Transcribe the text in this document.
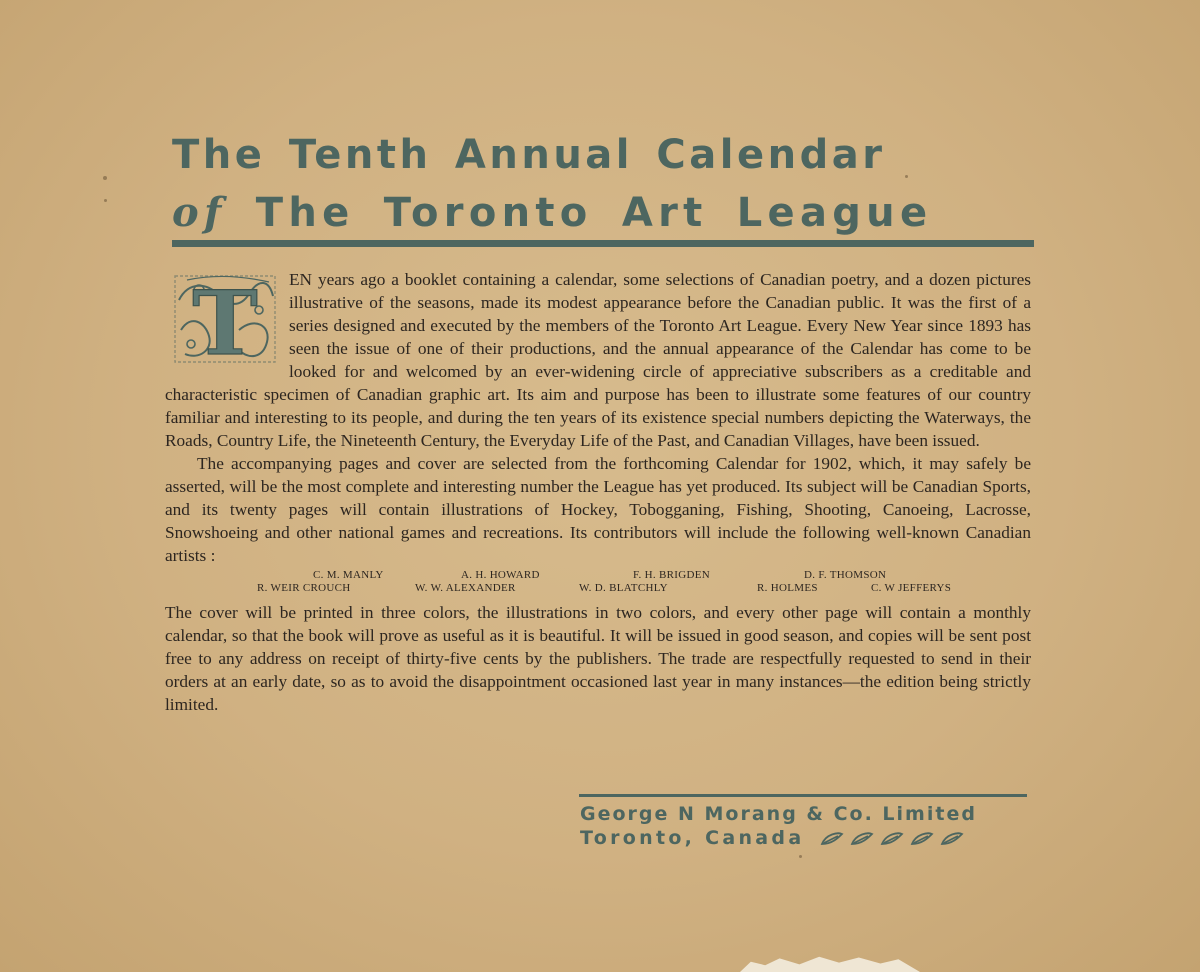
The Tenth Annual Calendar
of The Toronto Art League

T EN years ago a booklet containing a calendar, some selections of Canadian poetry, and a dozen pictures illustrative of the seasons, made its modest appearance before the Canadian public. It was the first of a series designed and executed by the members of the Toronto Art League. Every New Year since 1893 has seen the issue of one of their productions, and the annual appearance of the Calendar has come to be looked for and welcomed by an ever-widening circle of appreciative subscribers as a creditable and characteristic specimen of Canadian graphic art. Its aim and purpose has been to illustrate some features of our country familiar and interesting to its people, and during the ten years of its existence special numbers depicting the Waterways, the Roads, Country Life, the Nineteenth Century, the Everyday Life of the Past, and Canadian Villages, have been issued.

The accompanying pages and cover are selected from the forthcoming Calendar for 1902, which, it may safely be asserted, will be the most complete and interesting number the League has yet produced. Its subject will be Canadian Sports, and its twenty pages will contain illustrations of Hockey, Tobogganing, Fishing, Shooting, Canoeing, Lacrosse, Snowshoeing and other national games and recreations. Its contributors will include the following well-known Canadian artists :

C. M. MANLY	A. H. HOWARD	F. H. BRIGDEN	D. F. THOMSON
R. WEIR CROUCH	W. W. ALEXANDER	W. D. BLATCHLY	R. HOLMES	C. W JEFFERYS

The cover will be printed in three colors, the illustrations in two colors, and every other page will contain a monthly calendar, so that the book will prove as useful as it is beautiful. It will be issued in good season, and copies will be sent post free to any address on receipt of thirty-five cents by the publishers. The trade are respectfully requested to send in their orders at an early date, so as to avoid the disappointment occasioned last year in many instances—the edition being strictly limited.

George N Morang & Co. Limited
Toronto, Canada
